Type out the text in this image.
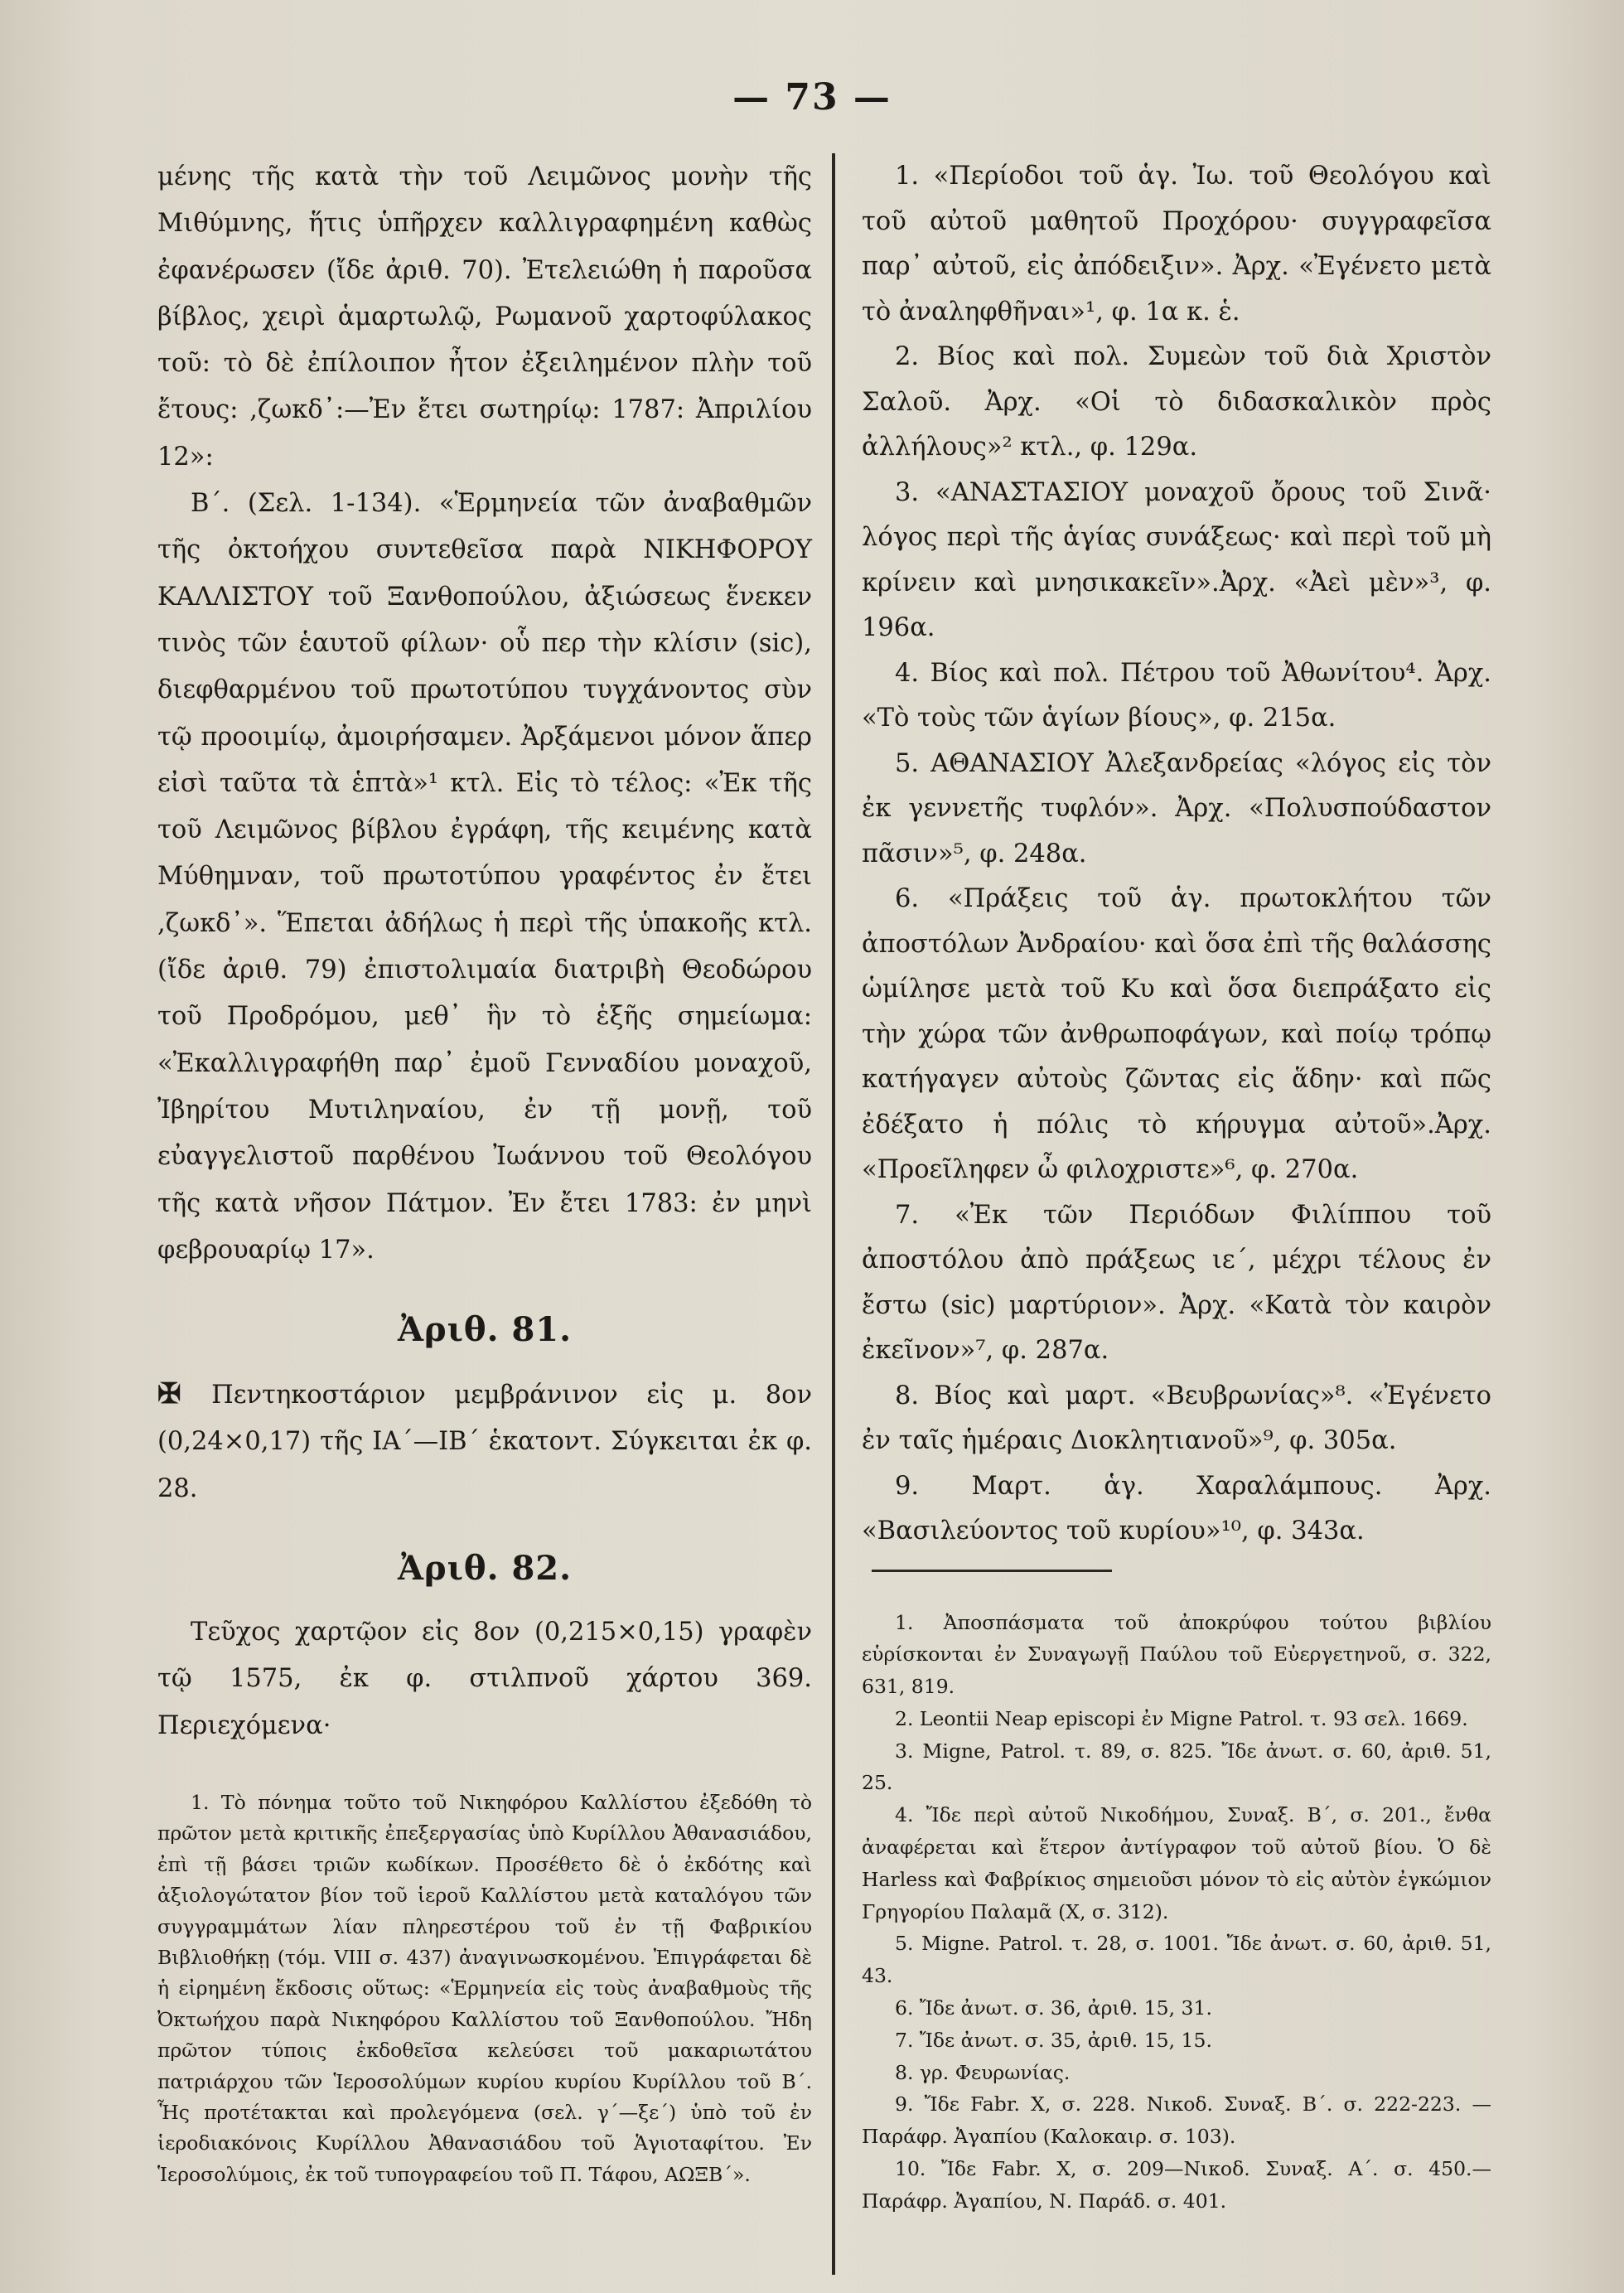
— 73 —

μένης τῆς κατὰ τὴν τοῦ Λειμῶνος μονὴν τῆς Μιθύμνης, ἥτις ὑπῆρχεν καλλιγραφημένη καθὼς ἐφανέρωσεν (ἴδε ἀριθ. 70). Ἐτελειώθη ἡ παροῦσα βίβλος, χειρὶ ἁμαρτωλῷ, Ρωμανοῦ χαρτοφύλακος τοῦ: τὸ δὲ ἐπίλοιπον ἦτον ἐξειλημένον πλὴν τοῦ ἔτους: ,ζωκδ᾽:—Ἐν ἔτει σωτηρίῳ: 1787: Ἀπριλίου 12»:

Β΄. (Σελ. 1-134). «Ἑρμηνεία τῶν ἀναβαθμῶν τῆς ὀκτοήχου συντεθεῖσα παρὰ ΝΙΚΗΦΟΡΟΥ ΚΑΛΛΙΣΤΟΥ τοῦ Ξανθοπούλου, ἀξιώσεως ἕνεκεν τινὸς τῶν ἑαυτοῦ φίλων· οὗ περ τὴν κλίσιν (sic), διεφθαρμένου τοῦ πρωτοτύπου τυγχάνοντος σὺν τῷ προοιμίῳ, ἀμοιρήσαμεν. Ἀρξάμενοι μόνον ἅπερ εἰσὶ ταῦτα τὰ ἑπτὰ»¹ κτλ. Εἰς τὸ τέλος: «Ἐκ τῆς τοῦ Λειμῶνος βίβλου ἐγράφη, τῆς κειμένης κατὰ Μύθημναν, τοῦ πρωτοτύπου γραφέντος ἐν ἔτει ,ζωκδ᾽». Ἕπεται ἀδήλως ἡ περὶ τῆς ὑπακοῆς κτλ. (ἴδε ἀριθ. 79) ἐπιστολιμαία διατριβὴ Θεοδώρου τοῦ Προδρόμου, μεθ᾽ ἣν τὸ ἑξῆς σημείωμα: «Ἐκαλλιγραφήθη παρ᾽ ἐμοῦ Γενναδίου μοναχοῦ, Ἰβηρίτου Μυτιληναίου, ἐν τῇ μονῇ, τοῦ εὐαγγελιστοῦ παρθένου Ἰωάννου τοῦ Θεολόγου τῆς κατὰ νῆσον Πάτμον. Ἐν ἔτει 1783: ἐν μηνὶ φεβρουαρίῳ 17».

Ἀριθ. 81.

✠ Πεντηκοστάριον μεμβράνινον εἰς μ. 8ον (0,24×0,17) τῆς ΙΑ΄—ΙΒ΄ ἑκατοντ. Σύγκειται ἐκ φ. 28.

Ἀριθ. 82.

Τεῦχος χαρτῷον εἰς 8ον (0,215×0,15) γραφὲν τῷ 1575, ἐκ φ. στιλπνοῦ χάρτου 369. Περιεχόμενα·

1. Τὸ πόνημα τοῦτο τοῦ Νικηφόρου Καλλίστου ἐξεδόθη τὸ πρῶτον μετὰ κριτικῆς ἐπεξεργασίας ὑπὸ Κυρίλλου Ἀθανασιάδου, ἐπὶ τῇ βάσει τριῶν κωδίκων. Προσέθετο δὲ ὁ ἐκδότης καὶ ἀξιολογώτατον βίον τοῦ ἱεροῦ Καλλίστου μετὰ καταλόγου τῶν συγγραμμάτων λίαν πληρεστέρου τοῦ ἐν τῇ Φαβρικίου Βιβλιοθήκῃ (τόμ. VIII σ. 437) ἀναγινωσκομένου. Ἐπιγράφεται δὲ ἡ εἰρημένη ἔκδοσις οὕτως: «Ἑρμηνεία εἰς τοὺς ἀναβαθμοὺς τῆς Ὀκτωήχου παρὰ Νικηφόρου Καλλίστου τοῦ Ξανθοπούλου. Ἤδη πρῶτον τύποις ἐκδοθεῖσα κελεύσει τοῦ μακαριωτάτου πατριάρχου τῶν Ἱεροσολύμων κυρίου κυρίου Κυρίλλου τοῦ Β΄. Ἧς προτέτακται καὶ προλεγόμενα (σελ. γ΄—ξε΄) ὑπὸ τοῦ ἐν ἱεροδιακόνοις Κυρίλλου Ἀθανασιάδου τοῦ Ἁγιοταφίτου. Ἐν Ἱεροσολύμοις, ἐκ τοῦ τυπογραφείου τοῦ Π. Τάφου, ΑΩΞΒ΄».

1. «Περίοδοι τοῦ ἁγ. Ἰω. τοῦ Θεολόγου καὶ τοῦ αὐτοῦ μαθητοῦ Προχόρου· συγγραφεῖσα παρ᾽ αὐτοῦ, εἰς ἀπόδειξιν». Ἀρχ. «Ἐγένετο μετὰ τὸ ἀναληφθῆναι»¹, φ. 1α κ. ἑ.

2. Βίος καὶ πολ. Συμεὼν τοῦ διὰ Χριστὸν Σαλοῦ. Ἀρχ. «Οἱ τὸ διδασκαλικὸν πρὸς ἀλλήλους»² κτλ., φ. 129α.

3. «ΑΝΑΣΤΑΣΙΟΥ μοναχοῦ ὄρους τοῦ Σινᾶ· λόγος περὶ τῆς ἁγίας συνάξεως· καὶ περὶ τοῦ μὴ κρίνειν καὶ μνησικακεῖν».Ἀρχ. «Ἀεὶ μὲν»³, φ. 196α.

4. Βίος καὶ πολ. Πέτρου τοῦ Ἀθωνίτου⁴. Ἀρχ. «Τὸ τοὺς τῶν ἁγίων βίους», φ. 215α.

5. ΑΘΑΝΑΣΙΟΥ Ἀλεξανδρείας «λόγος εἰς τὸν ἐκ γεννετῆς τυφλόν». Ἀρχ. «Πολυσπούδαστον πᾶσιν»⁵, φ. 248α.

6. «Πράξεις τοῦ ἁγ. πρωτοκλήτου τῶν ἀποστόλων Ἀνδραίου· καὶ ὅσα ἐπὶ τῆς θαλάσσης ὡμίλησε μετὰ τοῦ Κυ καὶ ὅσα διεπράξατο εἰς τὴν χώρα τῶν ἀνθρωποφάγων, καὶ ποίῳ τρόπῳ κατήγαγεν αὐτοὺς ζῶντας εἰς ἅδην· καὶ πῶς ἐδέξατο ἡ πόλις τὸ κήρυγμα αὐτοῦ».Ἀρχ. «Προεῖληφεν ὦ φιλοχριστε»⁶, φ. 270α.

7. «Ἐκ τῶν Περιόδων Φιλίππου τοῦ ἀποστόλου ἀπὸ πράξεως ιε΄, μέχρι τέλους ἐν ἔστω (sic) μαρτύριον». Ἀρχ. «Κατὰ τὸν καιρὸν ἐκεῖνον»⁷, φ. 287α.

8. Βίος καὶ μαρτ. «Βευβρωνίας»⁸. «Ἐγένετο ἐν ταῖς ἡμέραις Διοκλητιανοῦ»⁹, φ. 305α.

9. Μαρτ. ἁγ. Χαραλάμπους. Ἀρχ. «Βασιλεύοντος τοῦ κυρίου»¹⁰, φ. 343α.

1. Ἀποσπάσματα τοῦ ἀποκρύφου τούτου βιβλίου εὑρίσκονται ἐν Συναγωγῇ Παύλου τοῦ Εὐεργετηνοῦ, σ. 322, 631, 819.

2. Leontii Neap episcopi ἐν Migne Patrol. τ. 93 σελ. 1669.

3. Migne, Patrol. τ. 89, σ. 825. Ἴδε ἀνωτ. σ. 60, ἀριθ. 51, 25.

4. Ἴδε περὶ αὐτοῦ Νικοδήμου, Συναξ. Β΄, σ. 201., ἔνθα ἀναφέρεται καὶ ἕτερον ἀντίγραφον τοῦ αὐτοῦ βίου. Ὁ δὲ Harless καὶ Φαβρίκιος σημειοῦσι μόνον τὸ εἰς αὐτὸν ἐγκώμιον Γρηγορίου Παλαμᾶ (X, σ. 312).

5. Migne. Patrol. τ. 28, σ. 1001. Ἴδε ἀνωτ. σ. 60, ἀριθ. 51, 43.

6. Ἴδε ἀνωτ. σ. 36, ἀριθ. 15, 31.

7. Ἴδε ἀνωτ. σ. 35, ἀριθ. 15, 15.

8. γρ. Φευρωνίας.

9. Ἴδε Fabr. X, σ. 228. Νικοδ. Συναξ. Β΄. σ. 222-223. — Παράφρ. Ἀγαπίου (Καλοκαιρ. σ. 103).

10. Ἴδε Fabr. X, σ. 209—Νικοδ. Συναξ. Α΄. σ. 450.—Παράφρ. Ἀγαπίου, Ν. Παράδ. σ. 401.
